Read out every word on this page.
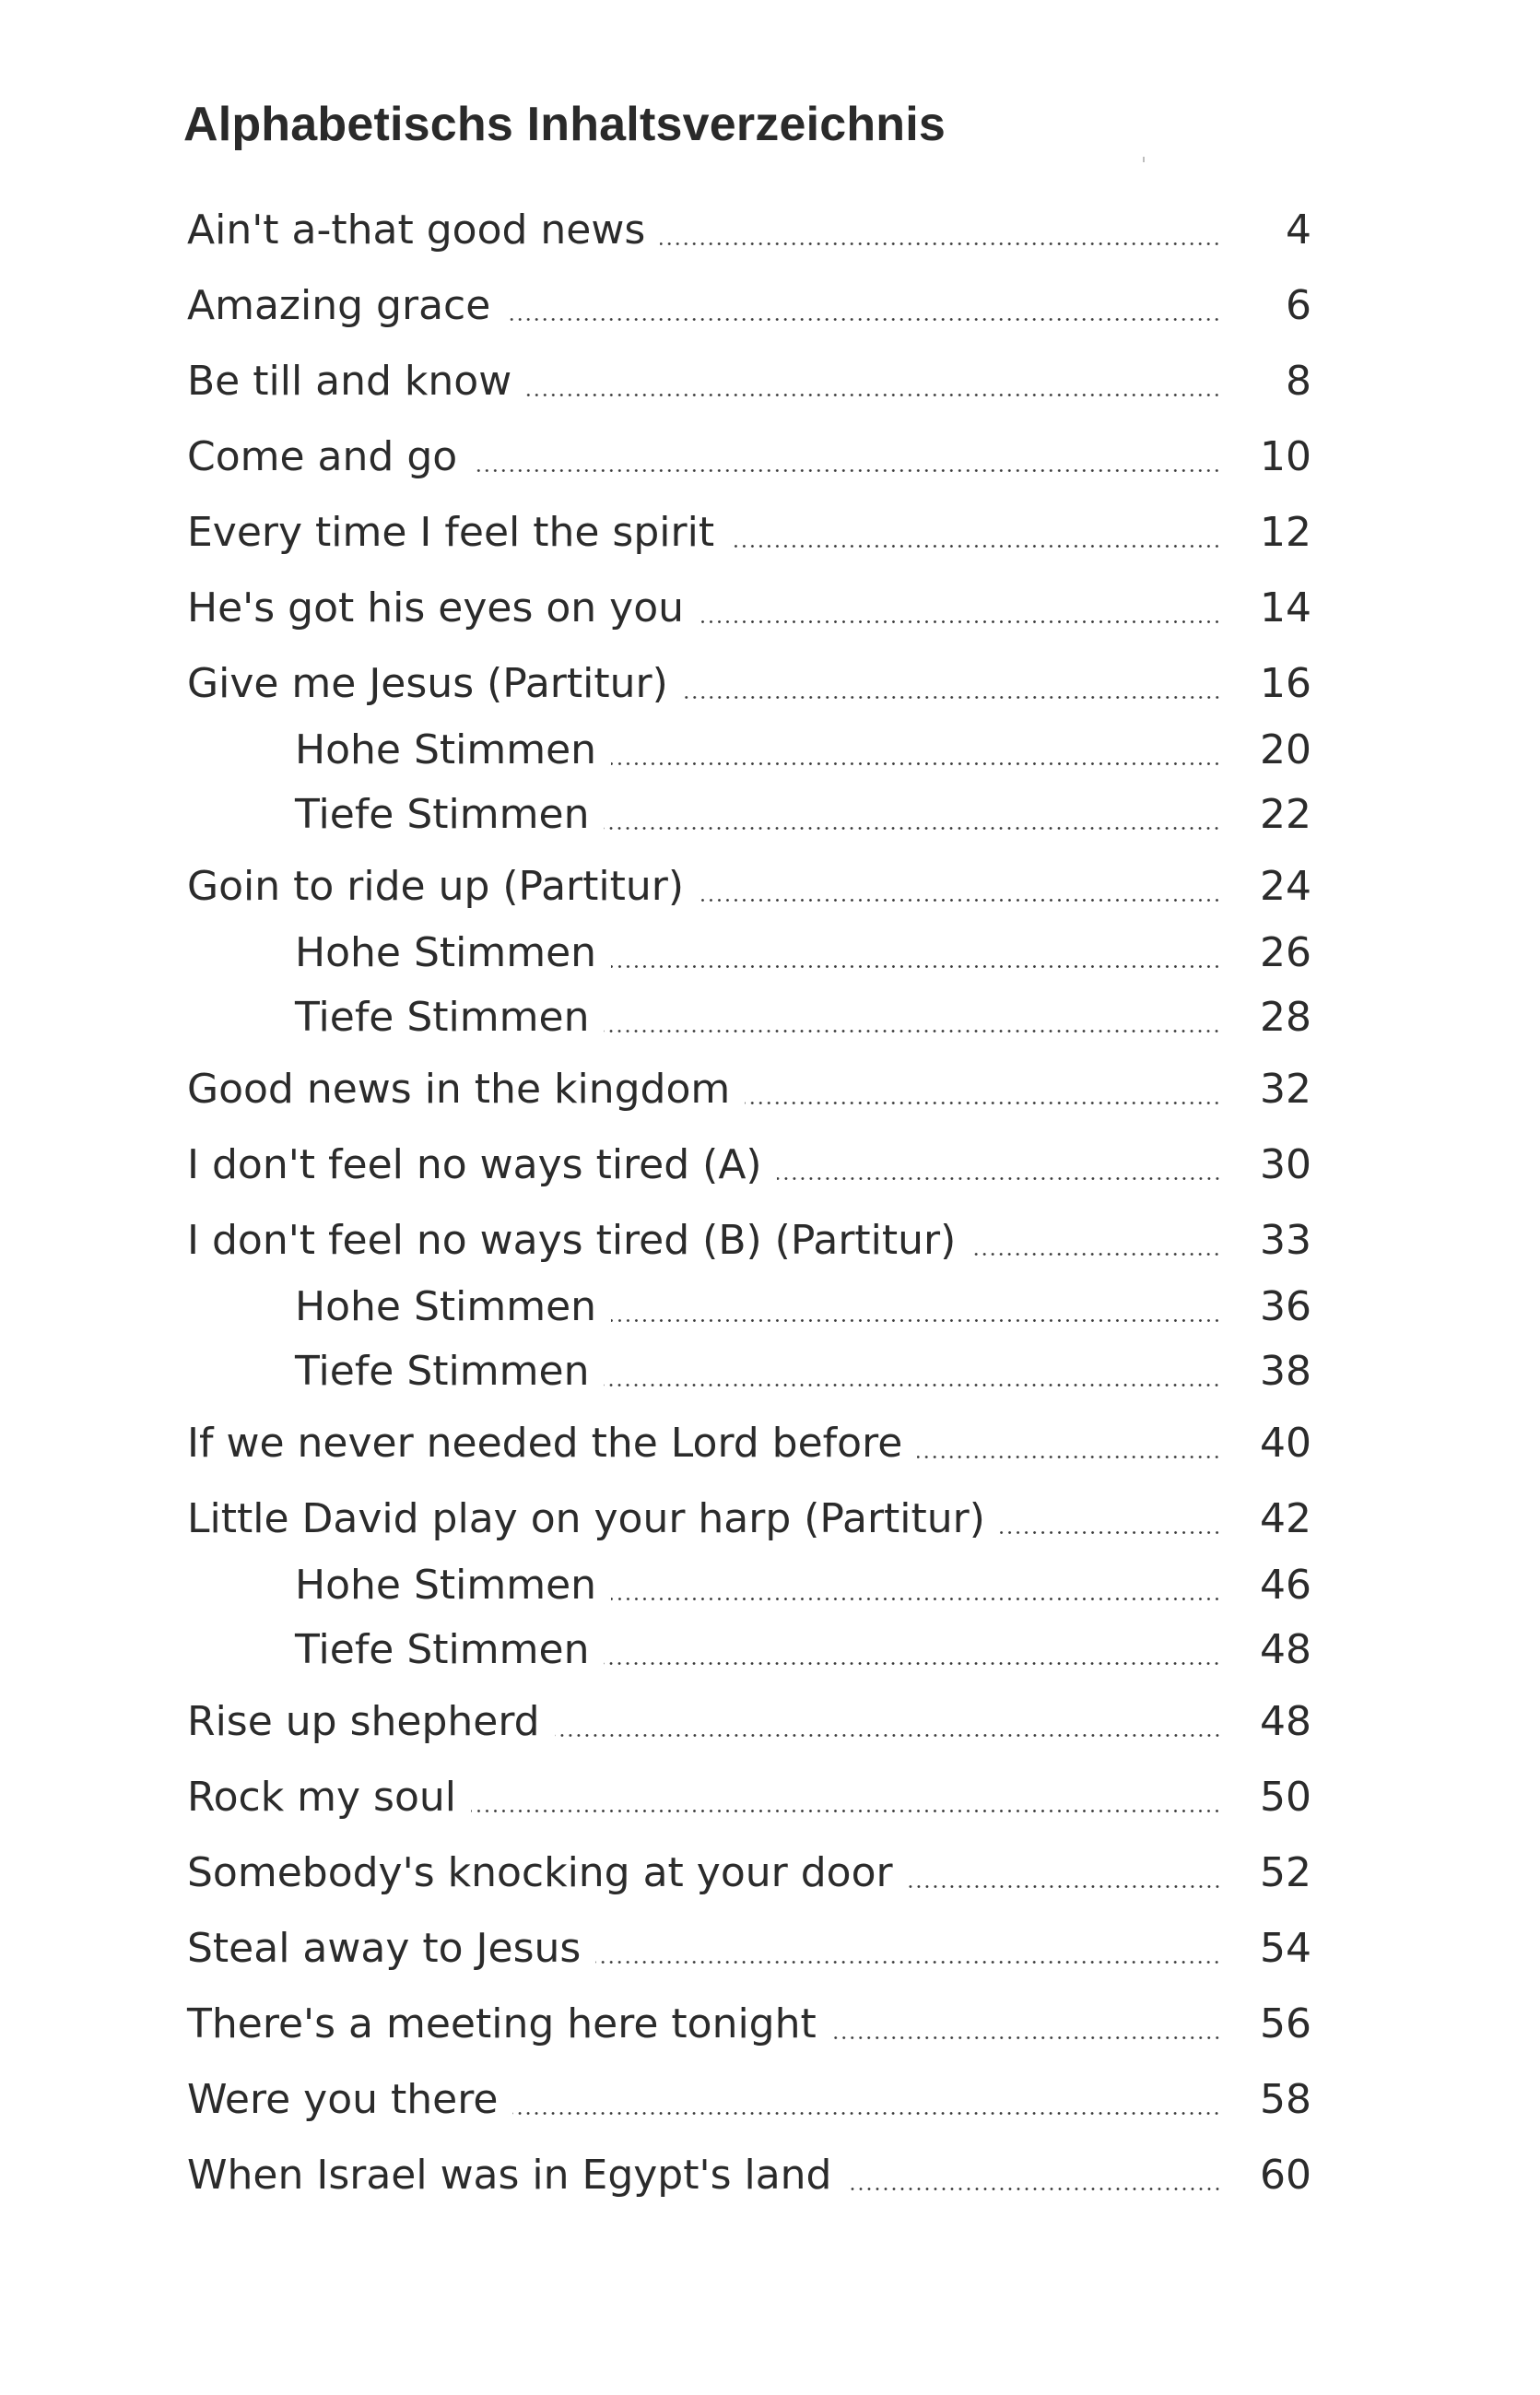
Alphabetischs Inhaltsverzeichnis
Ain't a-that good news	4
Amazing grace	6
Be till and know	8
Come and go	10
Every time I feel the spirit	12
He's got his eyes on you	14
Give me Jesus (Partitur)	16
Hohe Stimmen	20
Tiefe Stimmen	22
Goin to ride up (Partitur)	24
Hohe Stimmen	26
Tiefe Stimmen	28
Good news in the kingdom	32
I don't feel no ways tired (A)	30
I don't feel no ways tired (B) (Partitur)	33
Hohe Stimmen	36
Tiefe Stimmen	38
If we never needed the Lord before	40
Little David play on your harp (Partitur)	42
Hohe Stimmen	46
Tiefe Stimmen	48
Rise up shepherd	48
Rock my soul	50
Somebody's knocking at your door	52
Steal away to Jesus	54
There's a meeting here tonight	56
Were you there	58
When Israel was in Egypt's land	60
